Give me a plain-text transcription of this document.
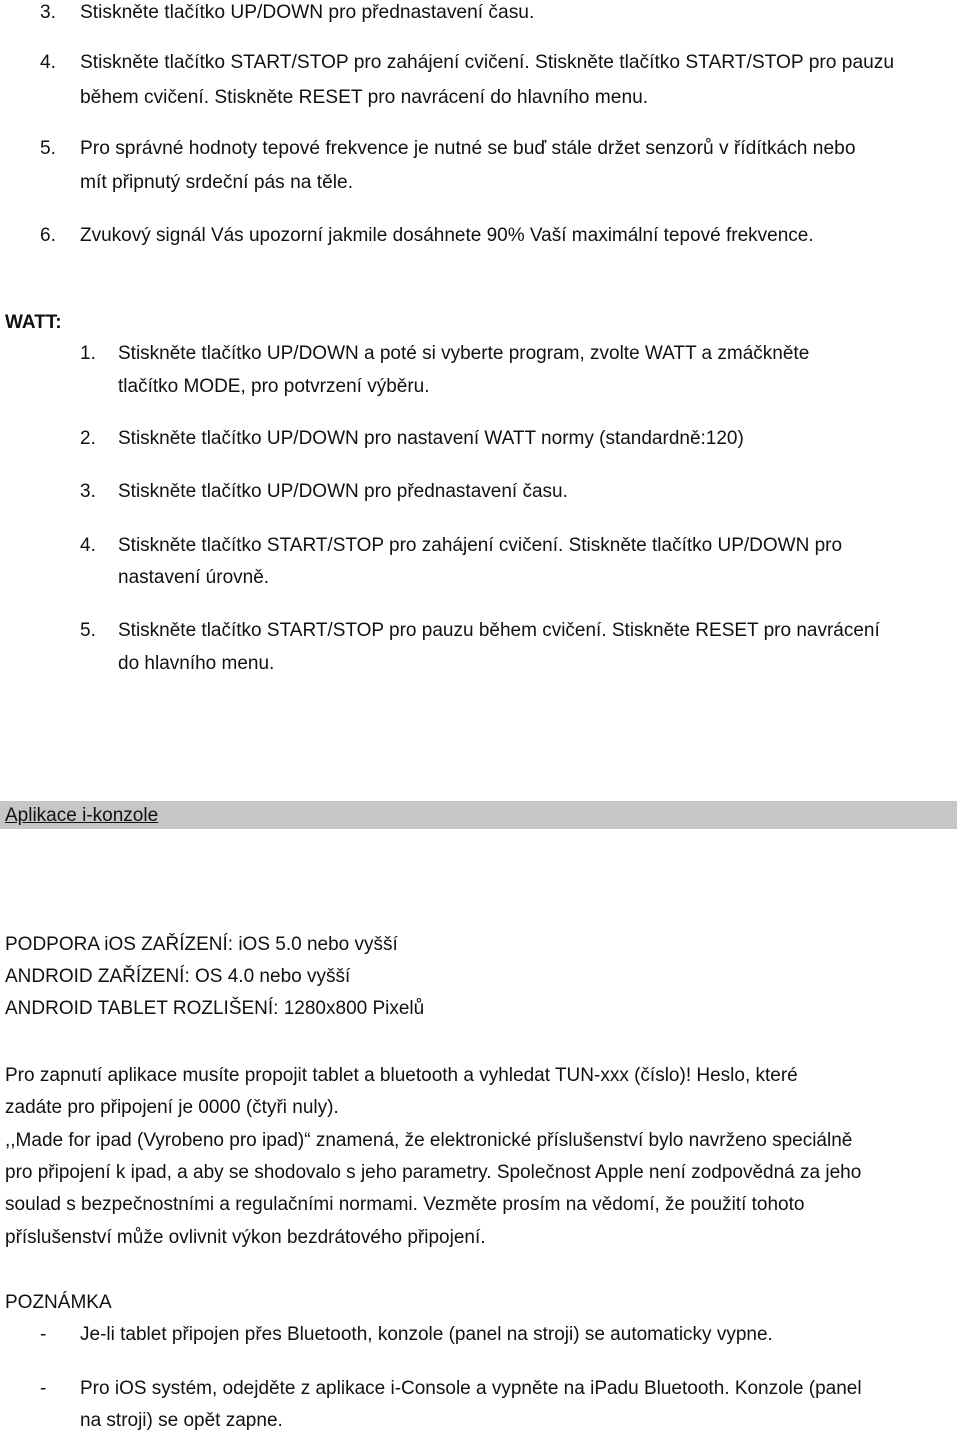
3. Stiskněte tlačítko UP/DOWN pro přednastavení času.
4. Stiskněte tlačítko START/STOP pro zahájení cvičení. Stiskněte tlačítko START/STOP pro pauzu
během cvičení. Stiskněte RESET pro navrácení do hlavního menu.
5. Pro správné hodnoty tepové frekvence je nutné se buď stále držet senzorů v řídítkách nebo
mít připnutý srdeční pás na těle.
6. Zvukový signál Vás upozorní jakmile dosáhnete 90% Vaší maximální tepové frekvence.
WATT:
1. Stiskněte tlačítko UP/DOWN a poté si vyberte program, zvolte WATT a zmáčkněte
tlačítko MODE, pro potvrzení výběru.
2. Stiskněte tlačítko UP/DOWN pro nastavení WATT normy (standardně:120)
3. Stiskněte tlačítko UP/DOWN pro přednastavení času.
4. Stiskněte tlačítko START/STOP pro zahájení cvičení. Stiskněte tlačítko UP/DOWN pro
nastavení úrovně.
5. Stiskněte tlačítko START/STOP pro pauzu během cvičení. Stiskněte RESET pro navrácení
do hlavního menu.
Aplikace i-konzole
PODPORA iOS ZAŘÍZENÍ: iOS 5.0 nebo vyšší
ANDROID ZAŘÍZENÍ: OS 4.0 nebo vyšší
ANDROID TABLET ROZLIŠENÍ: 1280x800 Pixelů
Pro zapnutí aplikace musíte propojit tablet a bluetooth a vyhledat TUN-xxx (číslo)! Heslo, které
zadáte pro připojení je 0000 (čtyři nuly).
,,Made for ipad (Vyrobeno pro ipad)“ znamená, že elektronické příslušenství bylo navrženo speciálně
pro připojení k ipad, a aby se shodovalo s jeho parametry. Společnost Apple není zodpovědná za jeho
soulad s bezpečnostními a regulačními normami. Vezměte prosím na vědomí, že použití tohoto
příslušenství může ovlivnit výkon bezdrátového připojení.
POZNÁMKA
- Je-li tablet připojen přes Bluetooth, konzole (panel na stroji) se automaticky vypne.
- Pro iOS systém, odejděte z aplikace i-Console a vypněte na iPadu Bluetooth. Konzole (panel
na stroji) se opět zapne.
